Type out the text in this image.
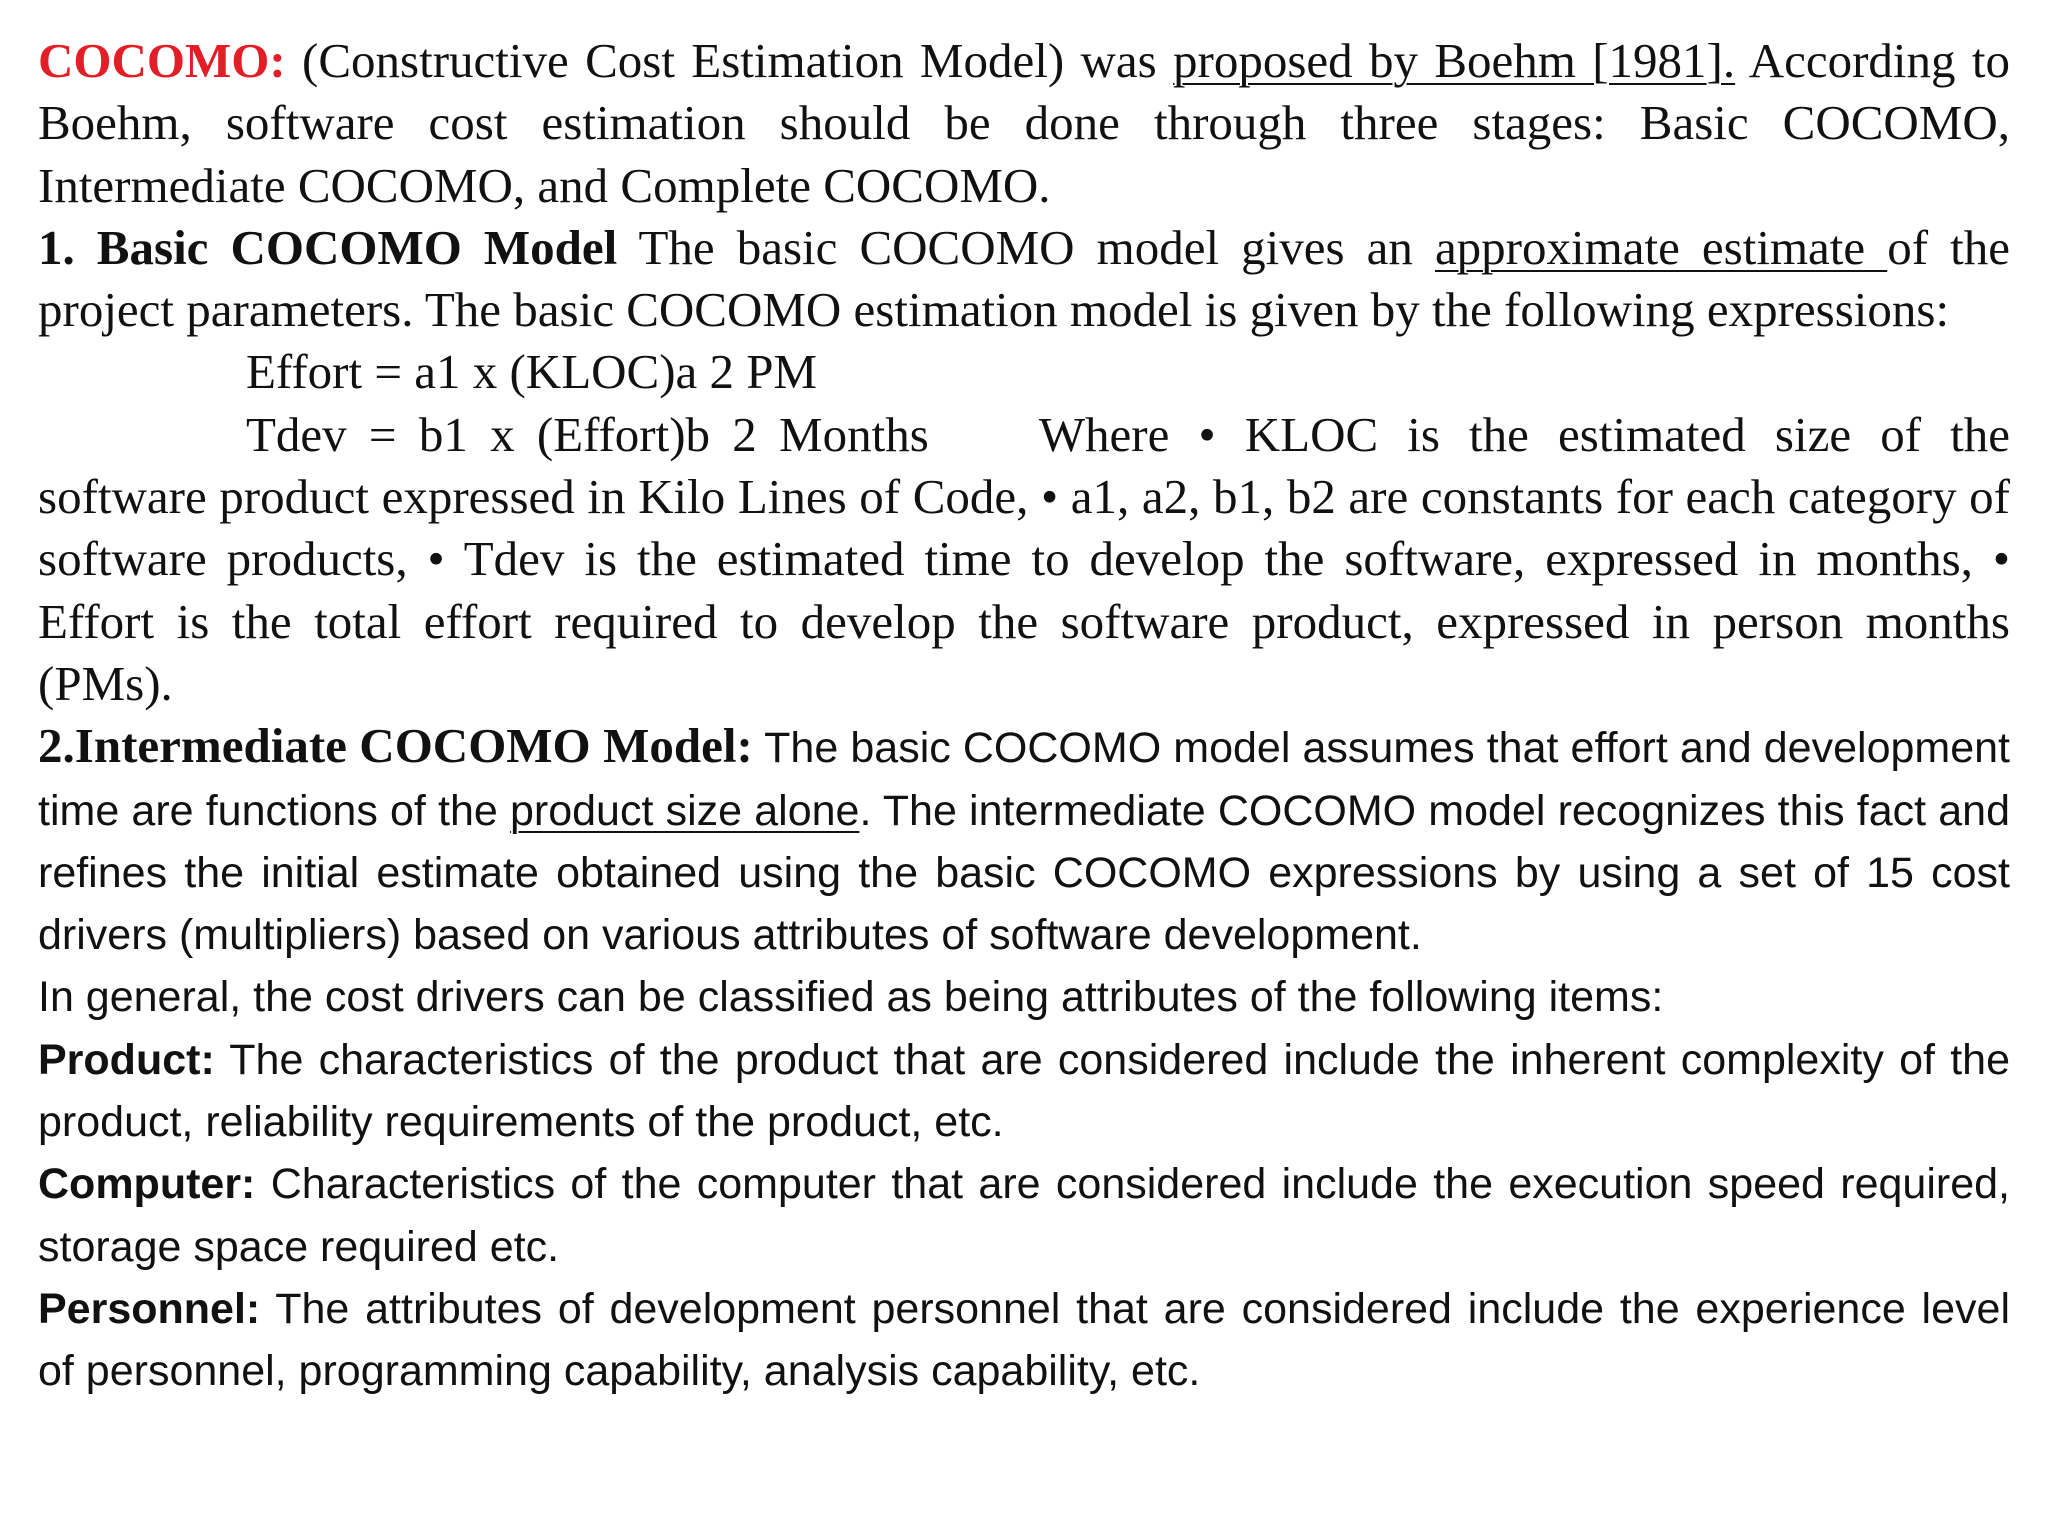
COCOMO: (Constructive Cost Estimation Model) was proposed by Boehm [1981]. According to Boehm, software cost estimation should be done through three stages: Basic COCOMO, Intermediate COCOMO, and Complete COCOMO.

1. Basic COCOMO Model The basic COCOMO model gives an approximate estimate of the project parameters. The basic COCOMO estimation model is given by the following expressions:

Effort = a1 x (KLOC)a 2 PM
Tdev = b1 x (Effort)b 2 Months Where • KLOC is the estimated size of the

software product expressed in Kilo Lines of Code, • a1, a2, b1, b2 are constants for each category of software products, • Tdev is the estimated time to develop the software, expressed in months, • Effort is the total effort required to develop the software product, expressed in person months (PMs).

2.Intermediate COCOMO Model: The basic COCOMO model assumes that effort and development time are functions of the product size alone. The intermediate COCOMO model recognizes this fact and refines the initial estimate obtained using the basic COCOMO expressions by using a set of 15 cost drivers (multipliers) based on various attributes of software development.

In general, the cost drivers can be classified as being attributes of the following items:

Product: The characteristics of the product that are considered include the inherent complexity of the product, reliability requirements of the product, etc.

Computer: Characteristics of the computer that are considered include the execution speed required, storage space required etc.

Personnel: The attributes of development personnel that are considered include the experience level of personnel, programming capability, analysis capability, etc.
